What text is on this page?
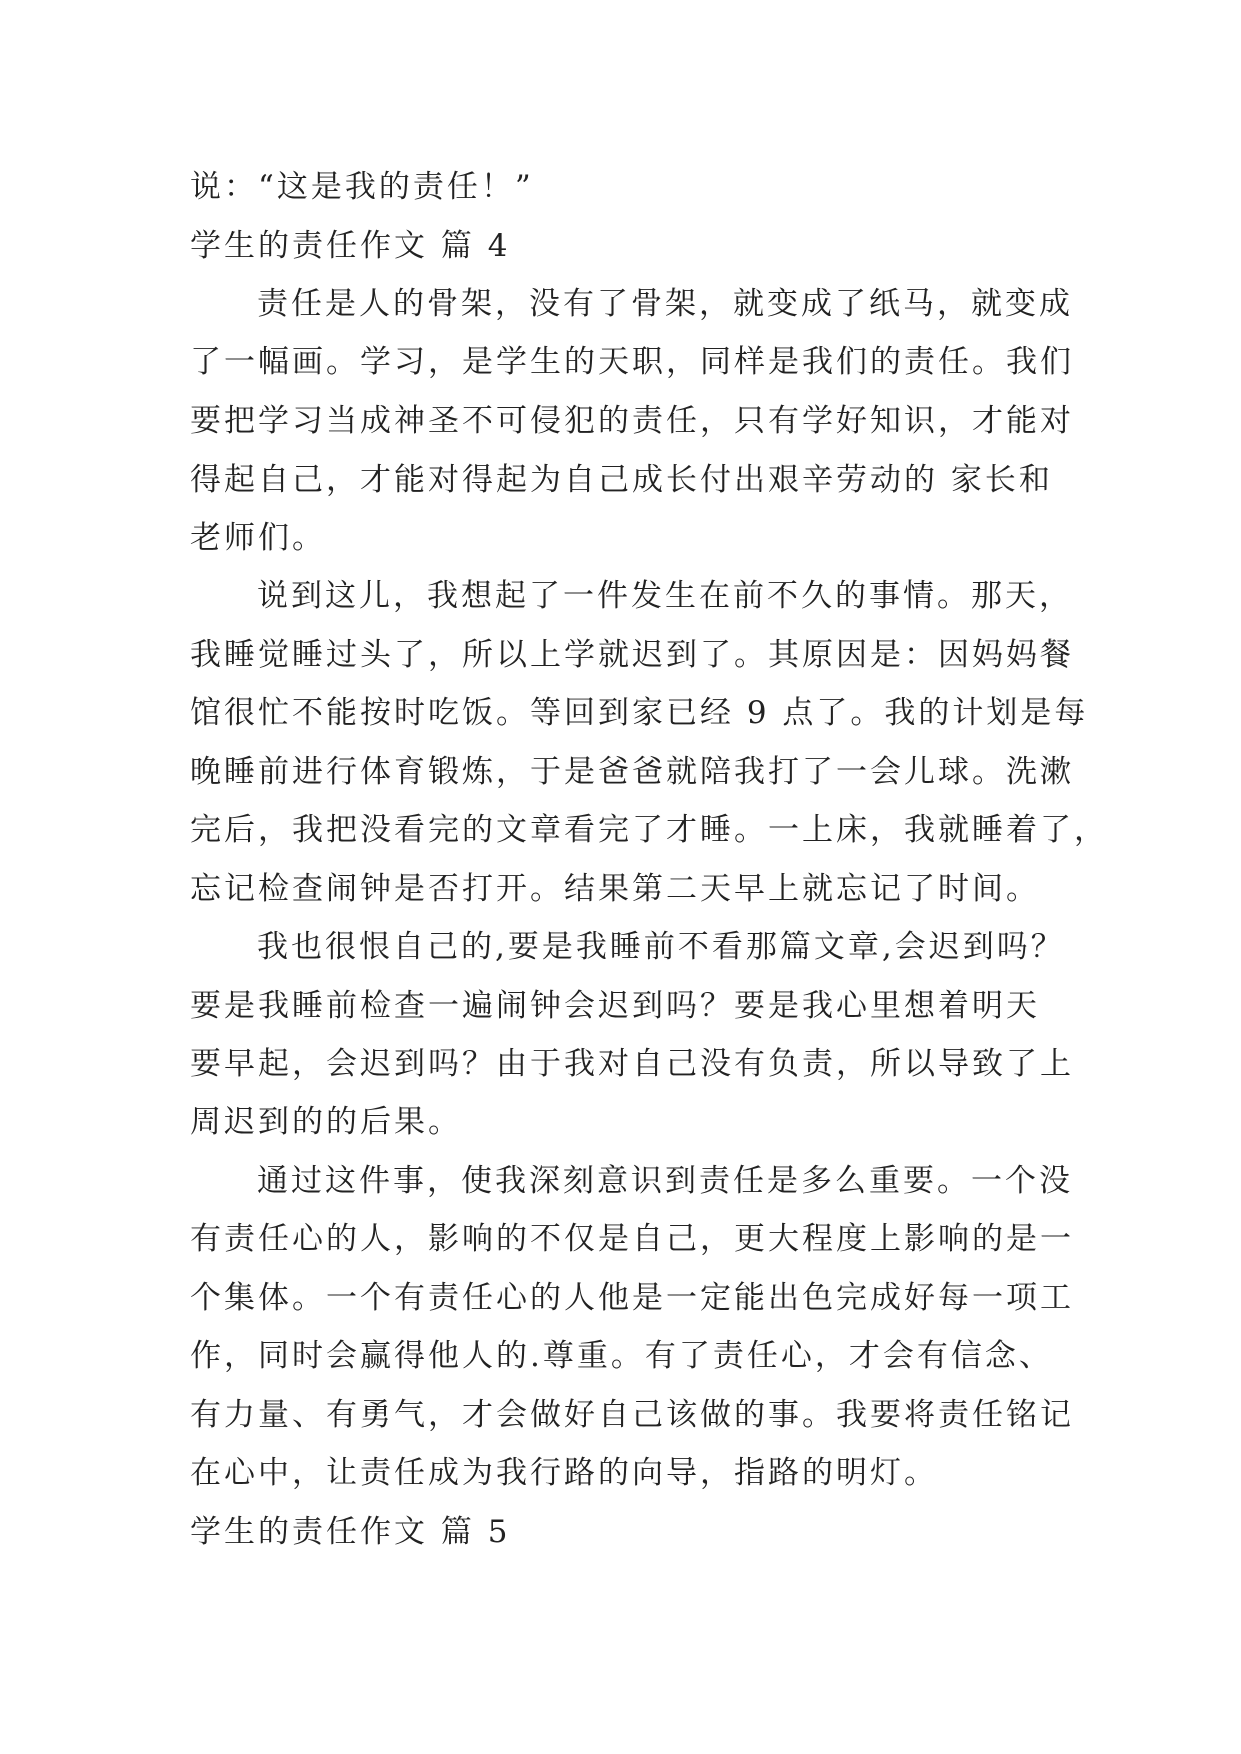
说：“这是我的责任！”
学生的责任作文 篇 4
责任是人的骨架，没有了骨架，就变成了纸马，就变成
了一幅画。学习，是学生的天职，同样是我们的责任。我们
要把学习当成神圣不可侵犯的责任，只有学好知识，才能对
得起自己，才能对得起为自己成长付出艰辛劳动的 家长和
老师们。
说到这儿，我想起了一件发生在前不久的事情。那天，
我睡觉睡过头了，所以上学就迟到了。其原因是：因妈妈餐
馆很忙不能按时吃饭。等回到家已经 9 点了。我的计划是每
晚睡前进行体育锻炼，于是爸爸就陪我打了一会儿球。洗漱
完后，我把没看完的文章看完了才睡。一上床，我就睡着了，
忘记检查闹钟是否打开。结果第二天早上就忘记了时间。
我也很恨自己的,要是我睡前不看那篇文章,会迟到吗？
要是我睡前检查一遍闹钟会迟到吗？要是我心里想着明天
要早起，会迟到吗？由于我对自己没有负责，所以导致了上
周迟到的的后果。
通过这件事，使我深刻意识到责任是多么重要。一个没
有责任心的人，影响的不仅是自己，更大程度上影响的是一
个集体。一个有责任心的人他是一定能出色完成好每一项工
作，同时会赢得他人的.尊重。有了责任心，才会有信念、
有力量、有勇气，才会做好自己该做的事。我要将责任铭记
在心中，让责任成为我行路的向导，指路的明灯。
学生的责任作文 篇 5
